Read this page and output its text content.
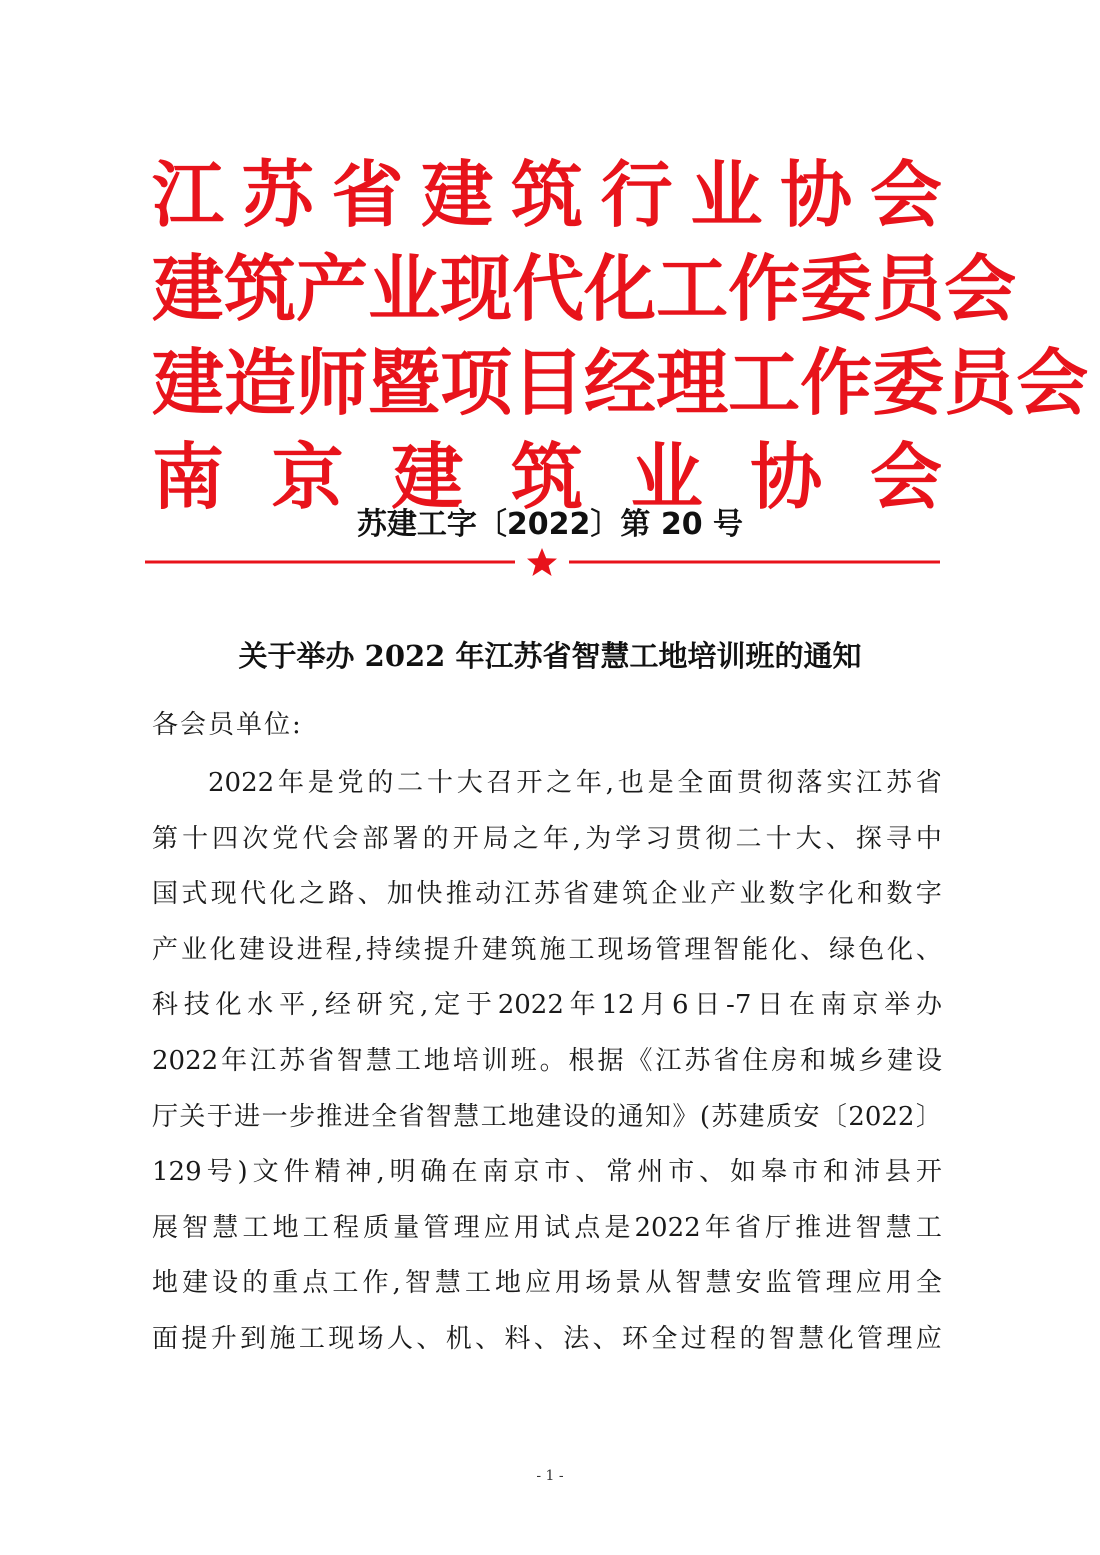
江 苏 省 建 筑 行 业 协 会
建 筑 产 业 现 代 化 工 作 委 员 会
建 造 师 暨 项 目 经 理 工 作 委 员 会
南 京 建 筑 业 协 会
苏建工字〔2022〕第 20 号
关于举办 2022 年江苏省智慧工地培训班的通知
各会员单位:
2022 年 是 党 的 二 十 大 召 开 之 年 , 也 是 全 面 贯 彻 落 实 江 苏 省
第 十 四 次 党 代 会 部 署 的 开 局 之 年 , 为 学 习 贯 彻 二 十 大 、 探 寻 中
国 式 现 代 化 之 路 、 加 快 推 动 江 苏 省 建 筑 企 业 产 业 数 字 化 和 数 字
产 业 化 建 设 进 程 , 持 续 提 升 建 筑 施 工 现 场 管 理 智 能 化 、 绿 色 化 、
科 技 化 水 平 , 经 研 究 , 定 于 2022 年 12 月 6 日 -7 日 在 南 京 举 办
2022 年 江 苏 省 智 慧 工 地 培 训 班 。 根 据 《 江 苏 省 住 房 和 城 乡 建 设
厅 关 于 进 一 步 推 进 全 省 智 慧 工 地 建 设 的 通 知 》 ( 苏 建 质 安 〔 2022 〕
129 号 ) 文 件 精 神 , 明 确 在 南 京 市 、 常 州 市 、 如 皋 市 和 沛 县 开
展 智 慧 工 地 工 程 质 量 管 理 应 用 试 点 是 2022 年 省 厅 推 进 智 慧 工
地 建 设 的 重 点 工 作 , 智 慧 工 地 应 用 场 景 从 智 慧 安 监 管 理 应 用 全
面 提 升 到 施 工 现 场 人 、 机 、 料 、 法 、 环 全 过 程 的 智 慧 化 管 理 应
- 1 -
